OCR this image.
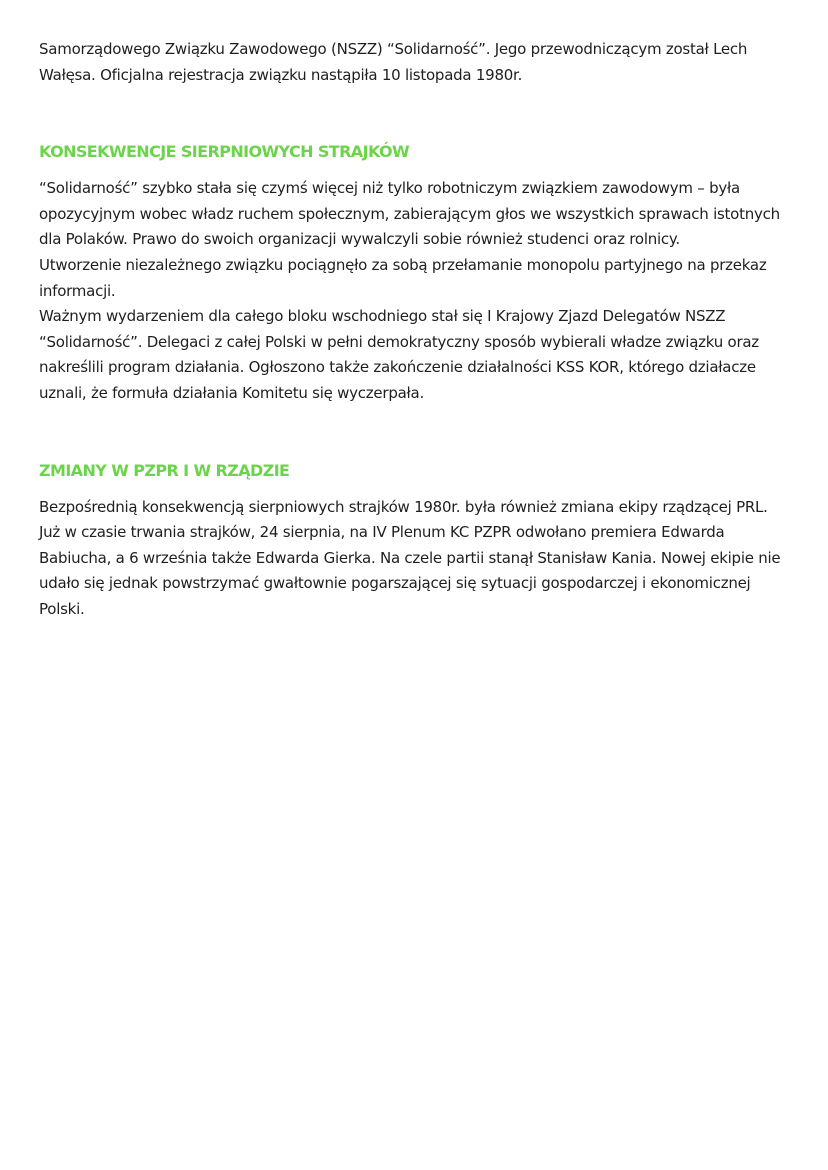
Samorządowego Związku Zawodowego (NSZZ) “Solidarność”. Jego przewodniczącym został Lech Wałęsa. Oficjalna rejestracja związku nastąpiła 10 listopada 1980r.

KONSEKWENCJE SIERPNIOWYCH STRAJKÓW

“Solidarność” szybko stała się czymś więcej niż tylko robotniczym związkiem zawodowym – była opozycyjnym wobec władz ruchem społecznym, zabierającym głos we wszystkich sprawach istotnych dla Polaków. Prawo do swoich organizacji wywalczyli sobie również studenci oraz rolnicy.

Utworzenie niezależnego związku pociągnęło za sobą przełamanie monopolu partyjnego na przekaz informacji.

Ważnym wydarzeniem dla całego bloku wschodniego stał się I Krajowy Zjazd Delegatów NSZZ “Solidarność”. Delegaci z całej Polski w pełni demokratyczny sposób wybierali władze związku oraz nakreślili program działania. Ogłoszono także zakończenie działalności KSS KOR, którego działacze uznali, że formuła działania Komitetu się wyczerpała.

ZMIANY W PZPR I W RZĄDZIE

Bezpośrednią konsekwencją sierpniowych strajków 1980r. była również zmiana ekipy rządzącej PRL. Już w czasie trwania strajków, 24 sierpnia, na IV Plenum KC PZPR odwołano premiera Edwarda Babiucha, a 6 września także Edwarda Gierka. Na czele partii stanął Stanisław Kania. Nowej ekipie nie udało się jednak powstrzymać gwałtownie pogarszającej się sytuacji gospodarczej i ekonomicznej Polski.
